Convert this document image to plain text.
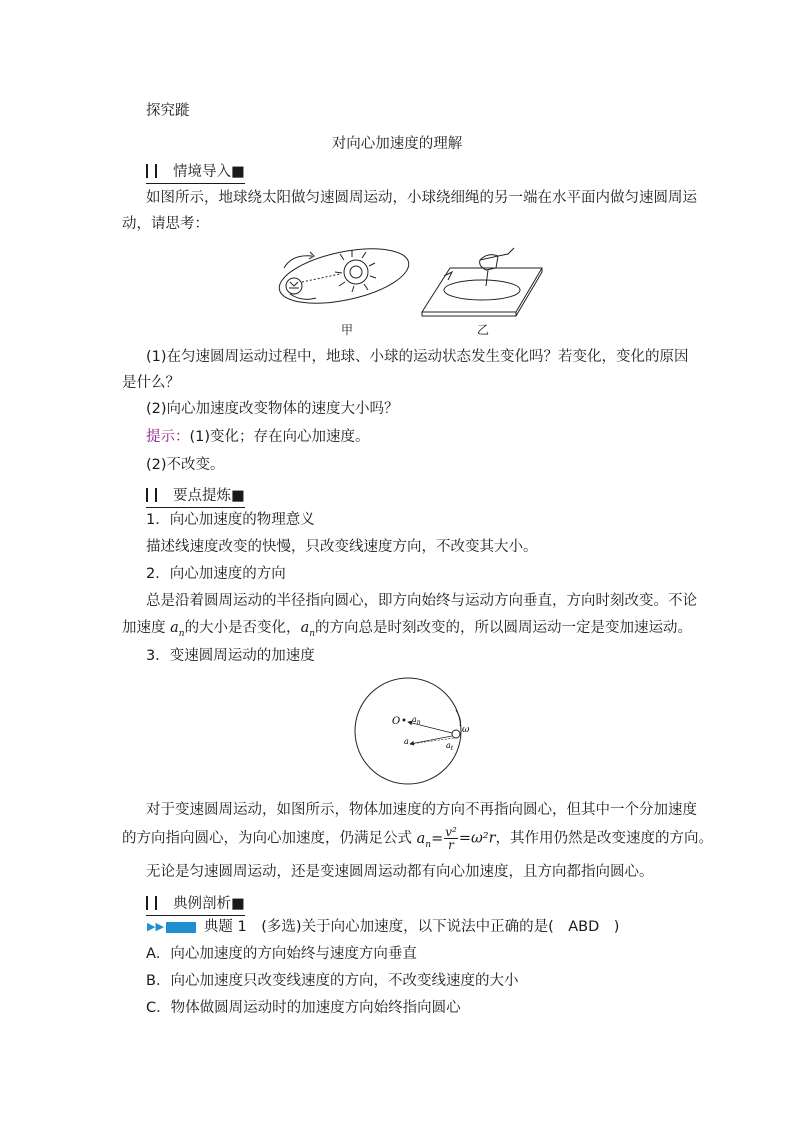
探究蹝
对向心加速度的理解
情境导入■
如图所示，地球绕太阳做匀速圆周运动，小球绕细绳的另一端在水平面内做匀速圆周运
动，请思考：
甲	乙
(1)在匀速圆周运动过程中，地球、小球的运动状态发生变化吗？若变化，变化的原因
是什么？
(2)向心加速度改变物体的速度大小吗？
提示：(1)变化；存在向心加速度。
(2)不改变。
要点提炼■
1．向心加速度的物理意义
描述线速度改变的快慢，只改变线速度方向，不改变其大小。
2．向心加速度的方向
总是沿着圆周运动的半径指向圆心，即方向始终与运动方向垂直，方向时刻改变。不论
加速度 $a_n$的大小是否变化，$a_n$的方向总是时刻改变的，所以圆周运动一定是变加速运动。
3．变速圆周运动的加速度
O $a_n$
a	$a_t$
ω
对于变速圆周运动，如图所示，物体加速度的方向不再指向圆心，但其中一个分加速度
的方向指向圆心，为向心加速度，仍满足公式 $a_n= \frac{\text{v²}}{r} =\omega^2r$，其作用仍然是改变速度的方向。
无论是匀速圆周运动，还是变速圆周运动都有向心加速度，且方向都指向圆心。
典例剖析■
▶▶	典题 1　(多选)关于向心加速度，以下说法中正确的是(　ABD　)
A．向心加速度的方向始终与速度方向垂直
B．向心加速度只改变线速度的方向，不改变线速度的大小
C．物体做圆周运动时的加速度方向始终指向圆心
